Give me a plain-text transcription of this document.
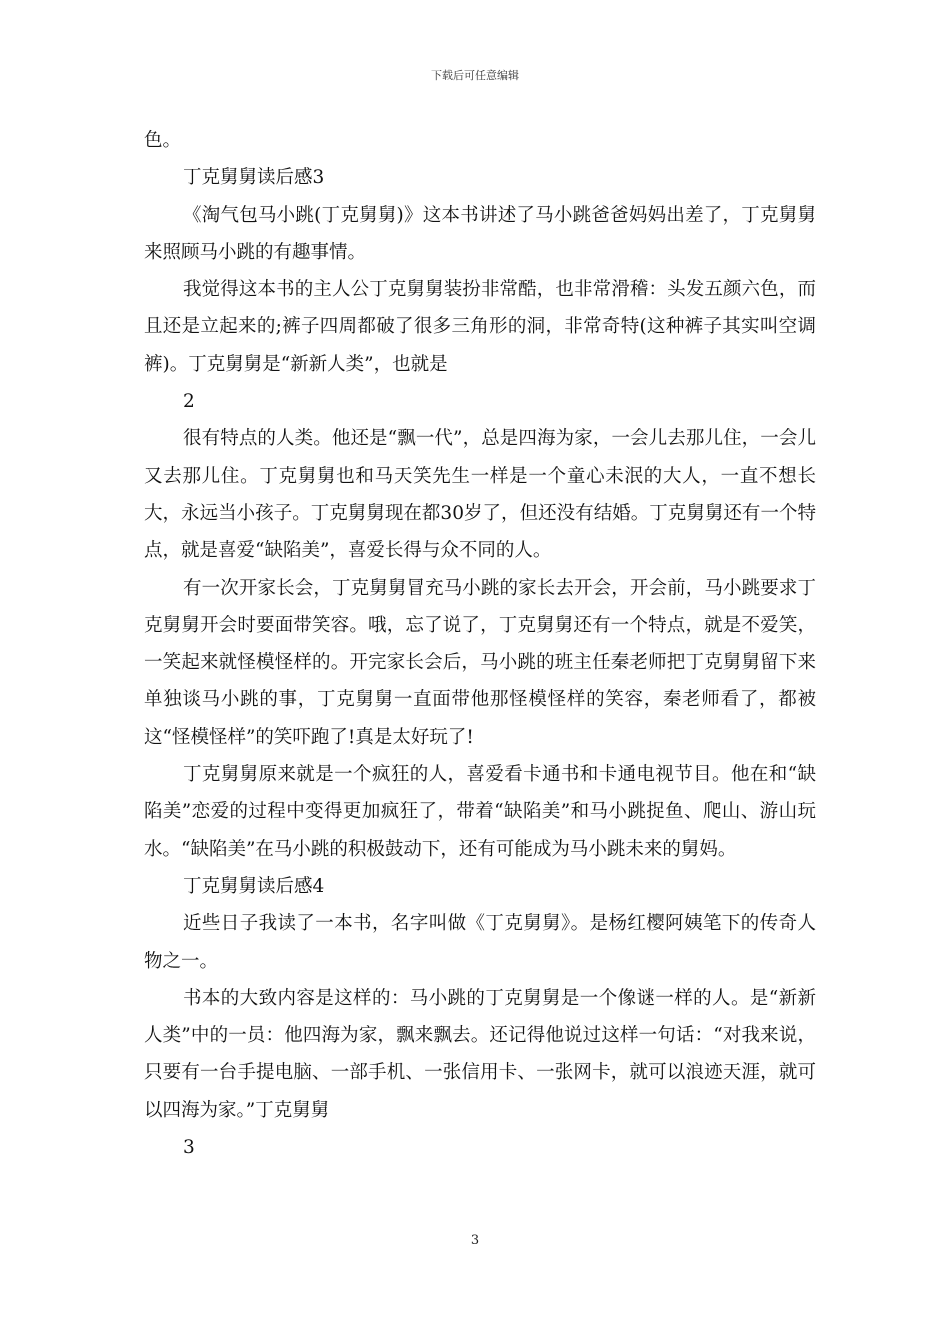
下载后可任意编辑

色。

丁克舅舅读后感3

《淘气包马小跳(丁克舅舅)》这本书讲述了马小跳爸爸妈妈出差了，丁克舅舅来照顾马小跳的有趣事情。

我觉得这本书的主人公丁克舅舅装扮非常酷，也非常滑稽：头发五颜六色，而且还是立起来的;裤子四周都破了很多三角形的洞，非常奇特(这种裤子其实叫空调裤)。丁克舅舅是“新新人类”，也就是

2

很有特点的人类。他还是“飘一代”，总是四海为家，一会儿去那儿住，一会儿又去那儿住。丁克舅舅也和马天笑先生一样是一个童心未泯的大人，一直不想长大，永远当小孩子。丁克舅舅现在都30岁了，但还没有结婚。丁克舅舅还有一个特点，就是喜爱“缺陷美”，喜爱长得与众不同的人。

有一次开家长会，丁克舅舅冒充马小跳的家长去开会，开会前，马小跳要求丁克舅舅开会时要面带笑容。哦，忘了说了，丁克舅舅还有一个特点，就是不爱笑，一笑起来就怪模怪样的。开完家长会后，马小跳的班主任秦老师把丁克舅舅留下来单独谈马小跳的事，丁克舅舅一直面带他那怪模怪样的笑容，秦老师看了，都被这“怪模怪样”的笑吓跑了!真是太好玩了!

丁克舅舅原来就是一个疯狂的人，喜爱看卡通书和卡通电视节目。他在和“缺陷美”恋爱的过程中变得更加疯狂了，带着“缺陷美”和马小跳捉鱼、爬山、游山玩水。“缺陷美”在马小跳的积极鼓动下，还有可能成为马小跳未来的舅妈。

丁克舅舅读后感4

近些日子我读了一本书，名字叫做《丁克舅舅》。是杨红樱阿姨笔下的传奇人物之一。

书本的大致内容是这样的：马小跳的丁克舅舅是一个像谜一样的人。是“新新人类”中的一员：他四海为家，飘来飘去。还记得他说过这样一句话：“对我来说，只要有一台手提电脑、一部手机、一张信用卡、一张网卡，就可以浪迹天涯，就可以四海为家。”丁克舅舅

3

3
